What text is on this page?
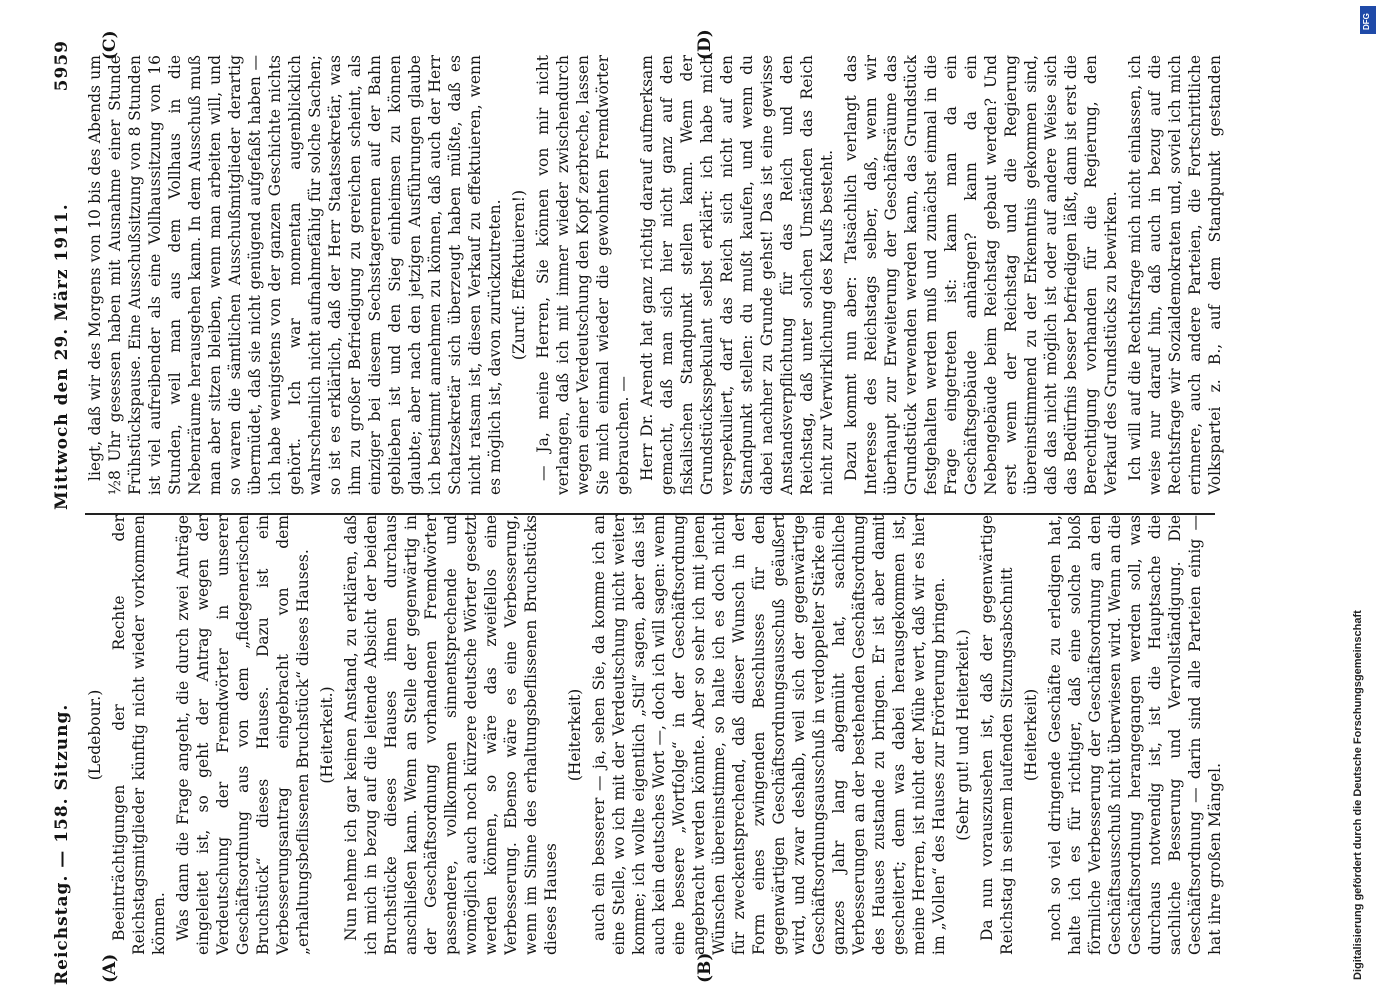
Reichstag. — 158. Sitzung.
Mittwoch den 29. März 1911.
5959
(A)	(B)
(C)	(D)

(Ledebour.) Beeinträchtigungen der Rechte der Reichstagsmitglieder künftig nicht wieder vorkommen können. Was dann die Frage angeht, die durch zwei Anträge eingeleitet ist, so geht der Antrag wegen der Verdeutschung der Fremdwörter in unserer Geschäftsordnung aus von dem „fidegenerischen Bruchstück“ dieses Hauses. Dazu ist ein Verbesserungsantrag eingebracht von dem „erhaltungsbeflissenen Bruchstück“ dieses Hauses. (Heiterkeit.) Nun nehme ich gar keinen Anstand, zu erklären, daß ich mich in bezug auf die leitende Absicht der beiden Bruchstücke dieses Hauses ihnen durchaus anschließen kann. Wenn an Stelle der gegenwärtig in der Geschäftsordnung vorhandenen Fremdwörter passendere, vollkommen sinnentsprechende und womöglich auch noch kürzere deutsche Wörter gesetzt werden können, so wäre das zweifellos eine Verbesserung. Ebenso wäre es eine Verbesserung, wenn im Sinne des erhaltungsbeflissenen Bruchstücks dieses Hauses

(Heiterkeit) auch ein besserer — ja, sehen Sie, da komme ich an eine Stelle, wo ich mit der Verdeutschung nicht weiter komme; ich wollte eigentlich „Stil“ sagen, aber das ist auch kein deutsches Wort —, doch ich will sagen: wenn eine bessere „Wortfolge“ in der Geschäftsordnung angebracht werden könnte. Aber so sehr ich mit jenen Wünschen übereinstimme, so halte ich es doch nicht für zweckentsprechend, daß dieser Wunsch in der Form eines zwingenden Beschlusses für den gegenwärtigen Geschäftsordnungsausschuß geäußert wird, und zwar deshalb, weil sich der gegenwärtige Geschäftsordnungsausschuß in verdoppelter Stärke ein ganzes Jahr lang abgemüht hat, sachliche Verbesserungen an der bestehenden Geschäftsordnung des Hauses zustande zu bringen. Er ist aber damit gescheitert; denn was dabei herausgekommen ist, meine Herren, ist nicht der Mühe wert, daß wir es hier im „Vollen“ des Hauses zur Erörterung bringen. (Sehr gut! und Heiterkeit.) Da nun vorauszusehen ist, daß der gegenwärtige Reichstag in seinem laufenden Sitzungsabschnitt (Heiterkeit) noch so viel dringende Geschäfte zu erledigen hat, halte ich es für richtiger, daß eine solche bloß förmliche Verbesserung der Geschäftsordnung an den Geschäftsausschuß nicht überwiesen wird. Wenn an die Geschäftsordnung herangegangen werden soll, was durchaus notwendig ist, ist die Hauptsache die sachliche Besserung und Vervollständigung. Die Geschäftsordnung — darin sind alle Parteien einig — hat ihre großen Mängel.

liegt, daß wir des Morgens von 10 bis des Abends um ½8 Uhr gesessen haben mit Ausnahme einer Stunde Frühstückspause. Eine Ausschußsitzung von 8 Stunden ist viel aufreibender als eine Vollhaussitzung von 16 Stunden, weil man aus dem Vollhaus in die Nebenräume herausgehen kann. In dem Ausschuß muß man aber sitzen bleiben, wenn man arbeiten will, und so waren die sämtlichen Ausschußmitglieder derartig übermüdet, daß sie nicht genügend aufgefaßt haben — ich habe wenigstens von der ganzen Geschichte nichts gehört. Ich war momentan augenblicklich wahrscheinlich nicht aufnahmefähig für solche Sachen; so ist es erklärlich, daß der Herr Staatssekretär, was ihm zu großer Befriedigung zu gereichen scheint, als einziger bei diesem Sechsstagerennen auf der Bahn geblieben ist und den Sieg einheimsen zu können glaubte; aber nach den jetzigen Ausführungen glaube ich bestimmt annehmen zu können, daß auch der Herr Schatzsekretär sich überzeugt haben müßte, daß es nicht ratsam ist, diesen Verkauf zu effektuieren, wenn es möglich ist, davon zurückzutreten. (Zuruf: Effektuieren!) — Ja, meine Herren, Sie können von mir nicht verlangen, daß ich mit immer wieder zwischendurch wegen einer Verdeutschung den Kopf zerbreche, lassen Sie mich einmal wieder die gewohnten Fremdwörter gebrauchen. — Herr Dr. Arendt hat ganz richtig darauf aufmerksam gemacht, daß man sich hier nicht ganz auf den fiskalischen Standpunkt stellen kann. Wenn der Grundstücksspekulant selbst erklärt: ich habe mich verspekuliert, darf das Reich sich nicht auf den Standpunkt stellen: du mußt kaufen, und wenn du dabei nachher zu Grunde gehst! Das ist eine gewisse Anstandsverpflichtung für das Reich und den Reichstag, daß unter solchen Umständen das Reich nicht zur Verwirklichung des Kaufs besteht. Dazu kommt nun aber: Tatsächlich verlangt das Interesse des Reichstags selber, daß, wenn wir überhaupt zur Erweiterung der Geschäftsräume das Grundstück verwenden werden kann, das Grundstück festgehalten werden muß und zunächst einmal in die Frage eingetreten ist: kann man da ein Geschäftsgebäude anhängen? kann da ein Nebengebäude beim Reichstag gebaut werden? Und erst wenn der Reichstag und die Regierung übereinstimmend zu der Erkenntnis gekommen sind, daß das nicht möglich ist oder auf andere Weise sich das Bedürfnis besser befriedigen läßt, dann ist erst die Berechtigung vorhanden für die Regierung, den Verkauf des Grundstücks zu bewirken. Ich will auf die Rechtsfrage mich nicht einlassen, ich weise nur darauf hin, daß auch in bezug auf die Rechtsfrage wir Sozialdemokraten und, soviel ich mich erinnere, auch andere Parteien, die Fortschrittliche Volkspartei z. B., auf dem Standpunkt gestanden

DFG
Digitalisierung gefördert durch die Deutsche Forschungsgemeinschaft
